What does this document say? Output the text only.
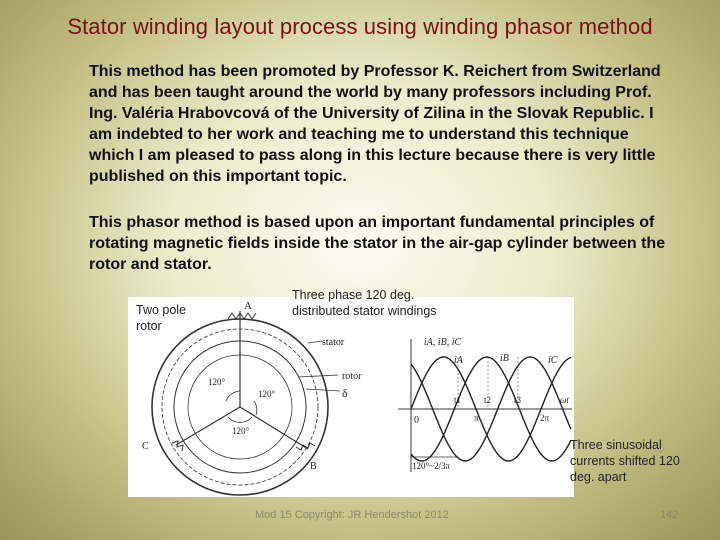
Stator winding layout process using winding phasor method
This method has been promoted by Professor K. Reichert from Switzerland and has been taught around the world by many professors including Prof. Ing. Valéria Hrabovcová of the University of Zilina in the Slovak Republic. I am indebted to her work and teaching me to understand this technique which I am pleased to pass along in this lecture because there is very little published on this important topic.
This phasor method is based upon an important fundamental principles of rotating magnetic fields inside the stator in the air-gap cylinder between the rotor and stator.
A
B
C
120°
120°
120°
stator
rotor
δ
iA, iB, iC
iA	iB	iC
t1	t2	t3
0	π	2π
ωt
120°~2/3π
Two pole rotor
Three phase 120 deg. distributed stator windings
Three sinusoidal currents shifted 120 deg. apart
Mod 15 Copyright: JR Hendershot 2012	142
